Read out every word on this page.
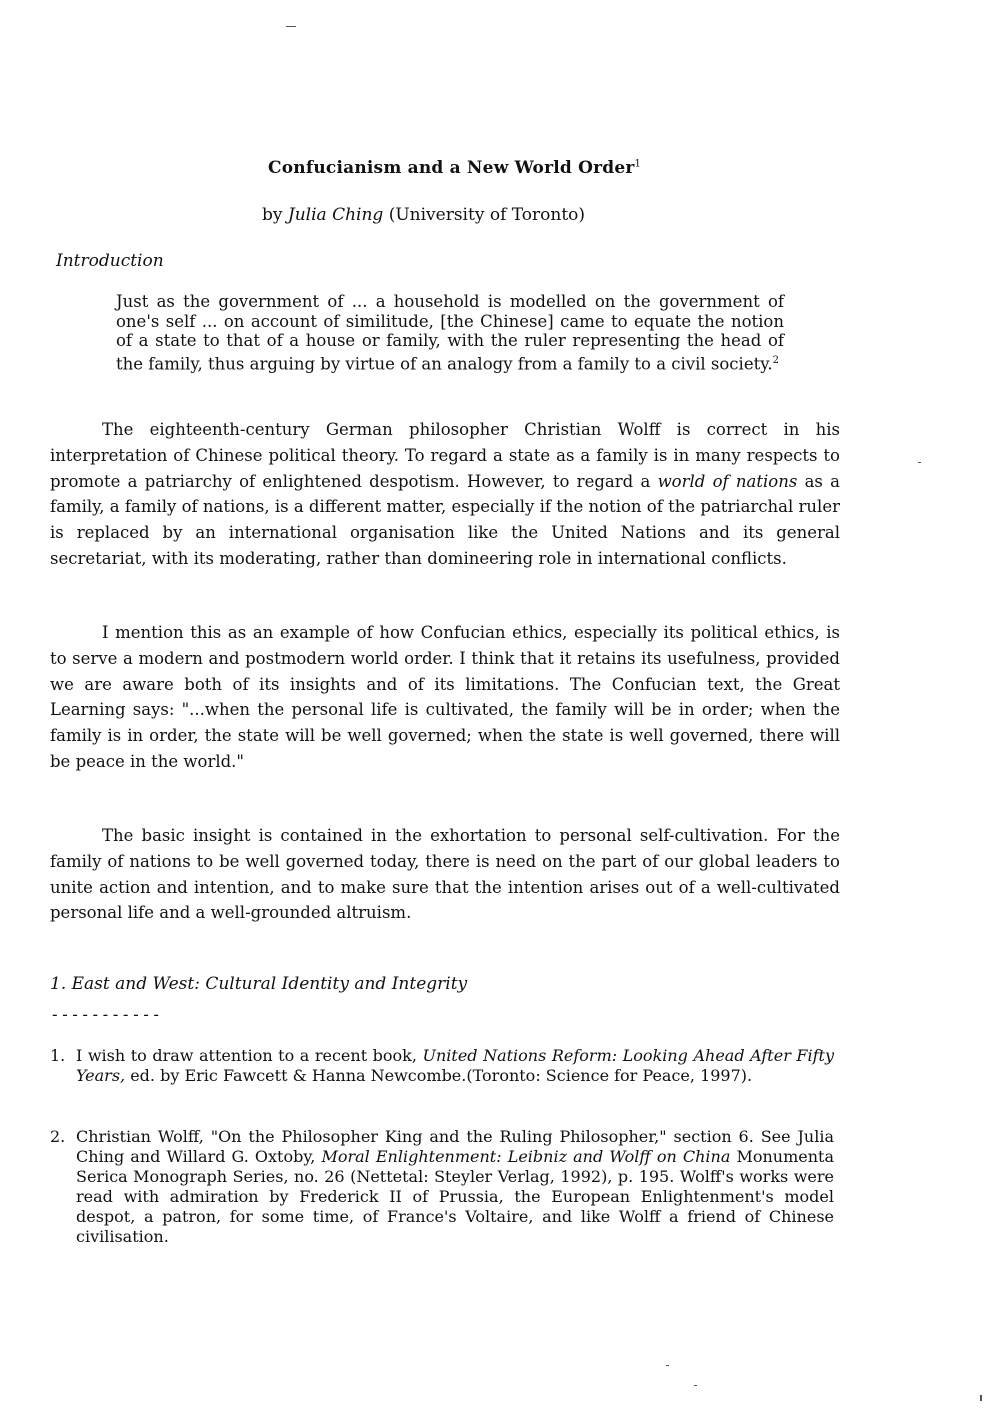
Confucianism and a New World Order$^1$
by Julia Ching (University of Toronto)
Introduction
Just as the government of ... a household is modelled on the government of one's self ... on account of similitude, [the Chinese] came to equate the notion of a state to that of a house or family, with the ruler representing the head of the family, thus arguing by virtue of an analogy from a family to a civil society.$^2$
The eighteenth-century German philosopher Christian Wolff is correct in his interpretation of Chinese political theory. To regard a state as a family is in many respects to promote a patriarchy of enlightened despotism. However, to regard a world of nations as a family, a family of nations, is a different matter, especially if the notion of the patriarchal ruler is replaced by an international organisation like the United Nations and its general secretariat, with its moderating, rather than domineering role in international conflicts.
I mention this as an example of how Confucian ethics, especially its political ethics, is to serve a modern and postmodern world order. I think that it retains its usefulness, provided we are aware both of its insights and of its limitations. The Confucian text, the Great Learning says: "...when the personal life is cultivated, the family will be in order; when the family is in order, the state will be well governed; when the state is well governed, there will be peace in the world."
The basic insight is contained in the exhortation to personal self-cultivation. For the family of nations to be well governed today, there is need on the part of our global leaders to unite action and intention, and to make sure that the intention arises out of a well-cultivated personal life and a well-grounded altruism.
1. East and West: Cultural Identity and Integrity
-----------
1. I wish to draw attention to a recent book, United Nations Reform: Looking Ahead After Fifty Years, ed. by Eric Fawcett & Hanna Newcombe.(Toronto: Science for Peace, 1997).
2. Christian Wolff, "On the Philosopher King and the Ruling Philosopher," section 6. See Julia Ching and Willard G. Oxtoby, Moral Enlightenment: Leibniz and Wolff on China Monumenta Serica Monograph Series, no. 26 (Nettetal: Steyler Verlag, 1992), p. 195. Wolff's works were read with admiration by Frederick II of Prussia, the European Enlightenment's model despot, a patron, for some time, of France's Voltaire, and like Wolff a friend of Chinese civilisation.
